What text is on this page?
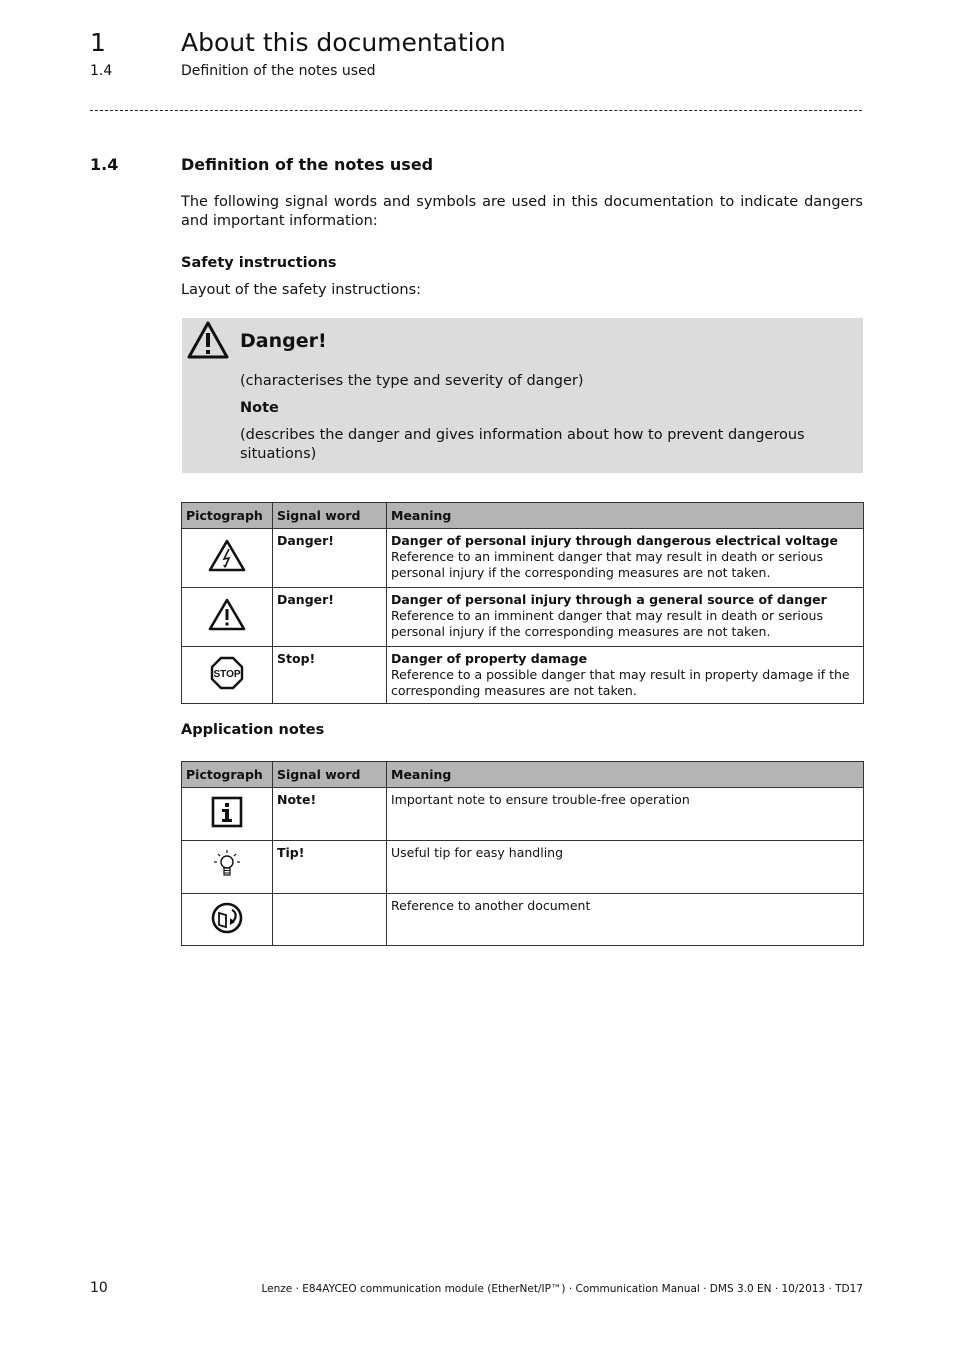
1	About this documentation
1.4	Definition of the notes used
1.4	Definition of the notes used
The following signal words and symbols are used in this documentation to indicate dangers and important information:
Safety instructions
Layout of the safety instructions:
Danger!
(characterises the type and severity of danger)
Note
(describes the danger and gives information about how to prevent dangerous situations)
Pictograph	Signal word	Meaning
	Danger!	Danger of personal injury through dangerous electrical voltage
Reference to an imminent danger that may result in death or serious personal injury if the corresponding measures are not taken.

	Danger!	Danger of personal injury through a general source of danger
Reference to an imminent danger that may result in death or serious personal injury if the corresponding measures are not taken.

STOP	Stop!	Danger of property damage
Reference to a possible danger that may result in property damage if the corresponding measures are not taken.
Application notes
Pictograph	Signal word	Meaning
	Note!	Important note to ensure trouble-free operation
	Tip!	Useful tip for easy handling
		Reference to another document
10	Lenze · E84AYCEO communication module (EtherNet/IP™) · Communication Manual · DMS 3.0 EN · 10/2013 · TD17
